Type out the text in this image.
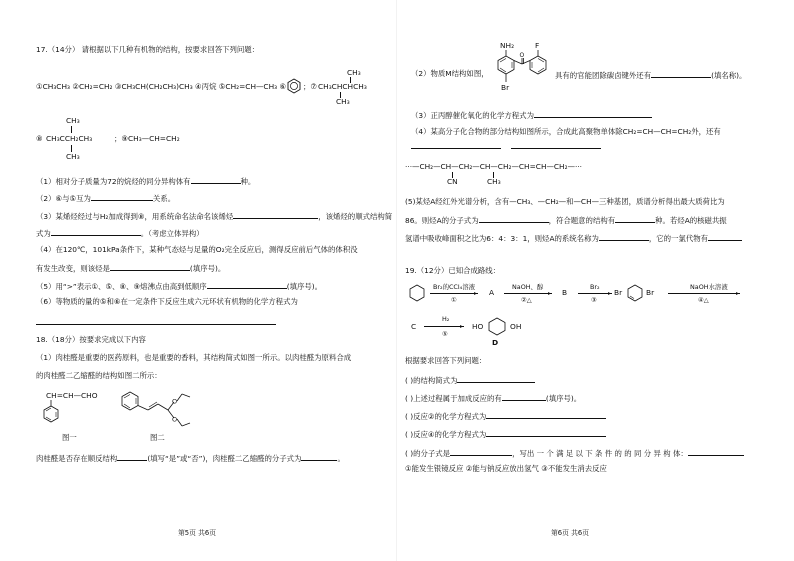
17.（14分） 请根据以下几种有机物的结构，按要求回答下列问题：
①CH₃CH₃ ②CH₂=CH₂ ③CH₃CH(CH₂CH₃)CH₃ ④丙烷 ⑤CH₂=CH—CH₃ ⑥ ；⑦
CH₃
CH₃CHCHCH₃
CH₃
CH₃
⑧ CH₃CCH₂CH₃
CH₃
；⑨CH₃—CH=CH₂
（1）相对分子质量为72的烷烃的同分异构体有	种。
（2）⑥与⑤互为	关系。
（3）某烯烃经过与H₂加成得到⑧，用系统命名法命名该烯烃	，该烯烃的顺式结构简
式为	。（考虑立体异构）
（4）在120℃，101kPa条件下，某种气态烃与足量的O₂完全反应后，测得反应前后气体的体积没
有发生改变，则该烃是	(填序号)。
（5）用“>”表示①、⑤、⑧、⑨熔沸点由高到低顺序	(填序号)。
（6）等物质的量的⑤和⑥在一定条件下反应生成六元环状有机物的化学方程式为
18.（18分）按要求完成以下内容
（1）肉桂醛是重要的医药原料，也是重要的香料，其结构简式如图一所示。以肉桂醛为原料合成
的肉桂醛二乙缩醛的结构如图二所示：
CH=CH—CHO
图一
O
O
图二
肉桂醛是否存在顺反结构	(填写“是”或“否”)，肉桂醛二乙缩醛的分子式为	。
第5页 共6页
NH₂	F
O
Br
（2）物质M结构如图，	具有的官能团除碳卤键外还有	(填名称)。
（3）正丙醇催化氧化的化学方程式为
（4）某高分子化合物的部分结构如图所示，合成此高聚物单体除CH₂=CH—CH=CH₂外，还有
···—CH₂—CH—CH₂—CH—CH₂—CH=CH—CH₂—···
CN	CH₃
(5)某烃A经红外光谱分析，含有—CH₃、—CH₂—和—CH—三种基团，质谱分析得出最大质荷比为
86。则烃A的分子式为	，符合题意的结构有	种。若烃A的核磁共振
氢谱中吸收峰面积之比为6：4：3：1，则烃A的系统名称为	，它的一氯代物有
19.（12分）已知合成路线：
Br₂的CCl₄溶液
▸
①
A
NaOH、醇
▸
②△
B
Br₂
▸
③
Br	Br
NaOH水溶液
▸
④△
C
H₂
▸
⑤
HO	OH
D
根据要求回答下列问题：
( )的结构简式为
( )上述过程属于加成反应的有	(填序号)。
( )反应②的化学方程式为
( )反应④的化学方程式为
( )的分子式是	，写出 一 个 满 足 以 下 条 件 的 的 同 分 异 构 体：
①能发生银镜反应 ②能与钠反应放出氢气 ③不能发生消去反应
第6页 共6页
